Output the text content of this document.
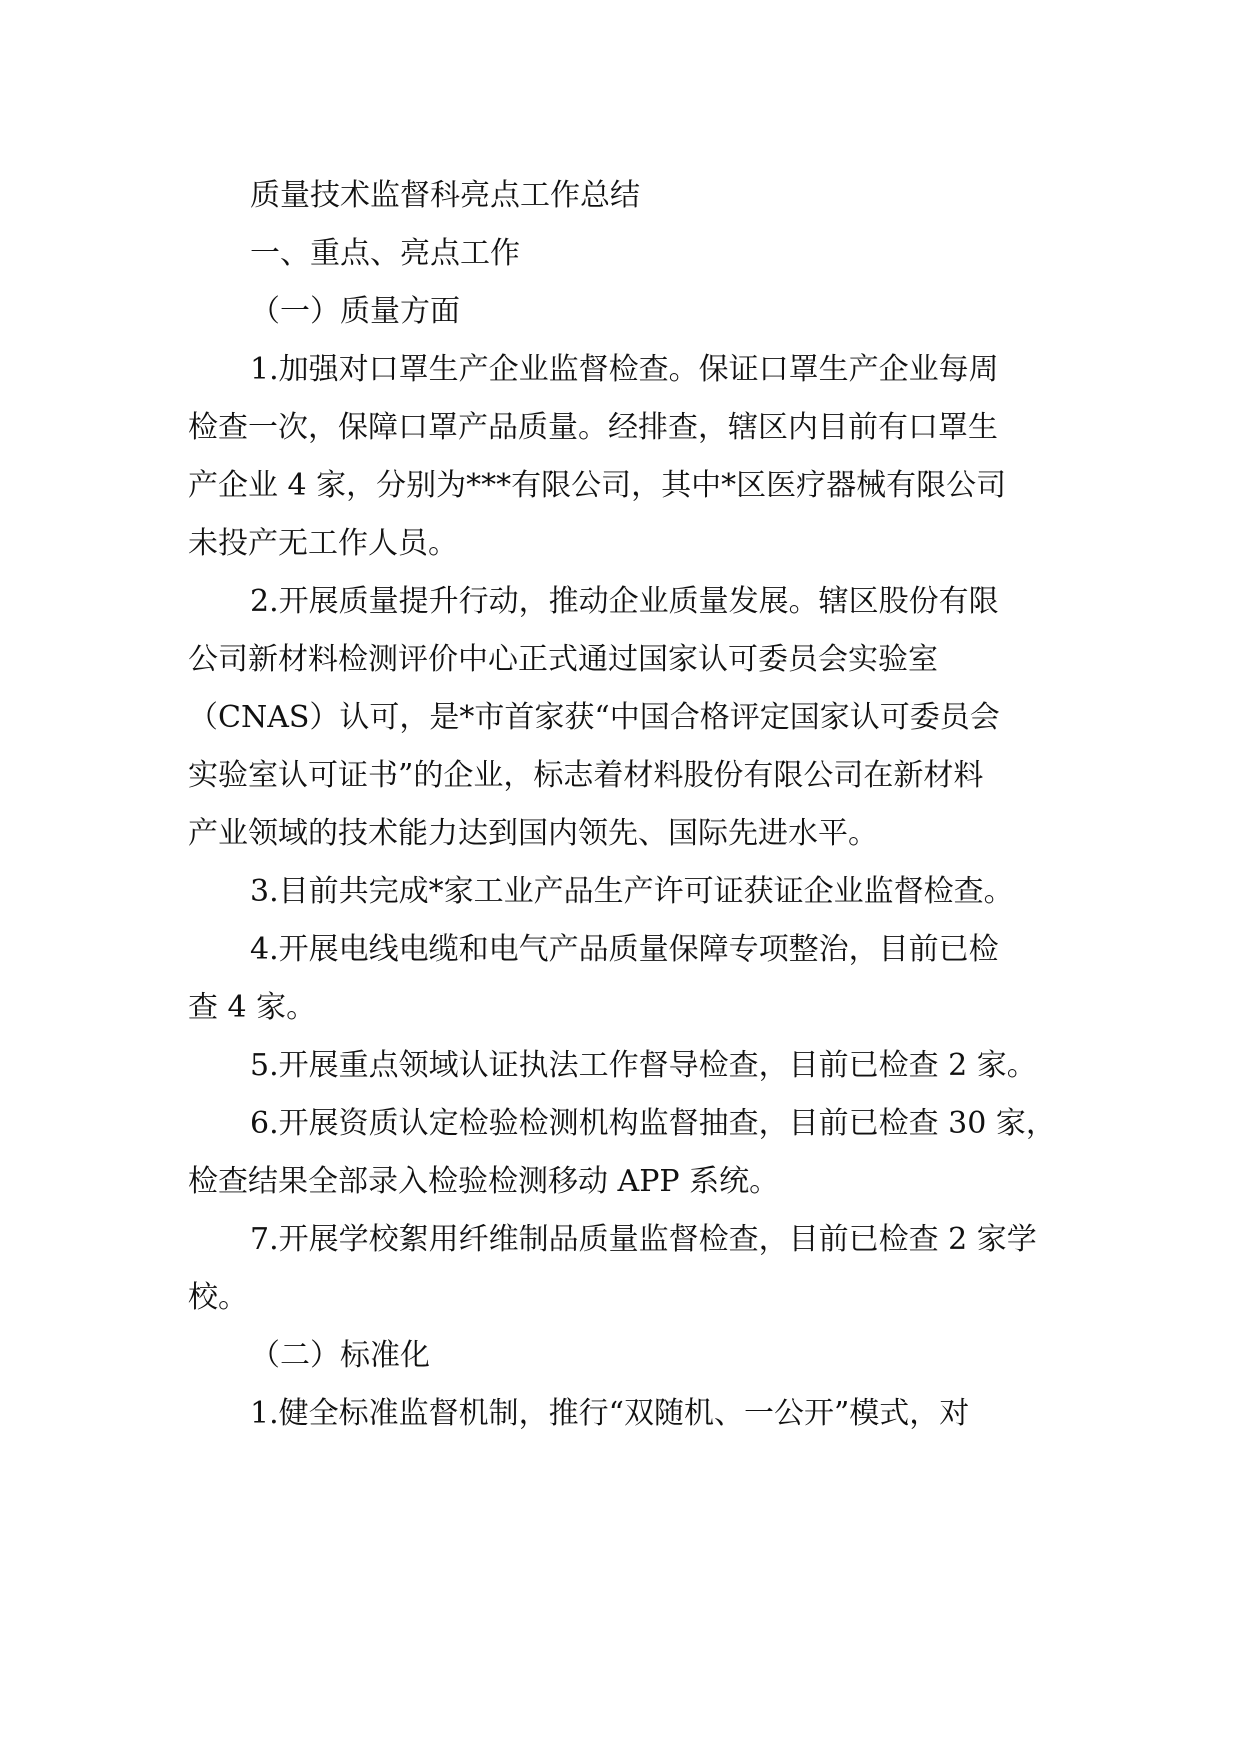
质量技术监督科亮点工作总结
一、重点、亮点工作
（一）质量方面
1.加强对口罩生产企业监督检查。保证口罩生产企业每周
检查一次，保障口罩产品质量。经排查，辖区内目前有口罩生
产企业 4 家，分别为***有限公司，其中*区医疗器械有限公司
未投产无工作人员。
2.开展质量提升行动，推动企业质量发展。辖区股份有限
公司新材料检测评价中心正式通过国家认可委员会实验室
（CNAS）认可，是*市首家获“中国合格评定国家认可委员会
实验室认可证书”的企业，标志着材料股份有限公司在新材料
产业领域的技术能力达到国内领先、国际先进水平。
3.目前共完成*家工业产品生产许可证获证企业监督检查。
4.开展电线电缆和电气产品质量保障专项整治，目前已检
查 4 家。
5.开展重点领域认证执法工作督导检查，目前已检查 2 家。
6.开展资质认定检验检测机构监督抽查，目前已检查 30 家，
检查结果全部录入检验检测移动 APP 系统。
7.开展学校絮用纤维制品质量监督检查，目前已检查 2 家学
校。
（二）标准化
1.健全标准监督机制，推行“双随机、一公开”模式，对
